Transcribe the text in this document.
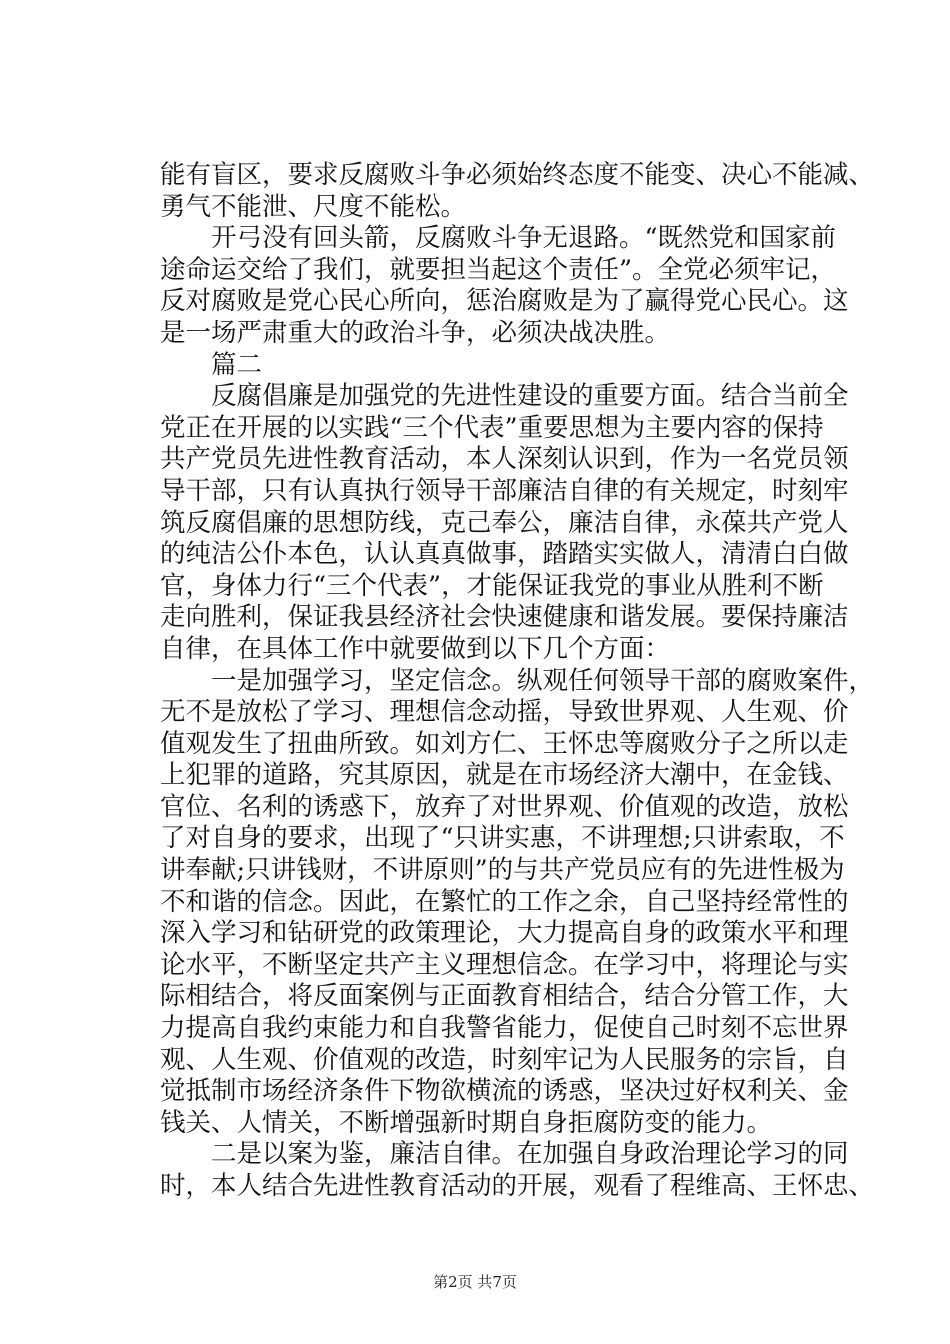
能有盲区，要求反腐败斗争必须始终态度不能变、决心不能减、
勇气不能泄、尺度不能松。
　　开弓没有回头箭，反腐败斗争无退路。“既然党和国家前
途命运交给了我们，就要担当起这个责任”。全党必须牢记，
反对腐败是党心民心所向，惩治腐败是为了赢得党心民心。这
是一场严肃重大的政治斗争，必须决战决胜。
　　篇二
　　反腐倡廉是加强党的先进性建设的重要方面。结合当前全
党正在开展的以实践“三个代表”重要思想为主要内容的保持
共产党员先进性教育活动，本人深刻认识到，作为一名党员领
导干部，只有认真执行领导干部廉洁自律的有关规定，时刻牢
筑反腐倡廉的思想防线，克己奉公，廉洁自律，永葆共产党人
的纯洁公仆本色，认认真真做事，踏踏实实做人，清清白白做
官，身体力行“三个代表”，才能保证我党的事业从胜利不断
走向胜利，保证我县经济社会快速健康和谐发展。要保持廉洁
自律，在具体工作中就要做到以下几个方面：
　　一是加强学习，坚定信念。纵观任何领导干部的腐败案件，
无不是放松了学习、理想信念动摇，导致世界观、人生观、价
值观发生了扭曲所致。如刘方仁、王怀忠等腐败分子之所以走
上犯罪的道路，究其原因，就是在市场经济大潮中，在金钱、
官位、名利的诱惑下，放弃了对世界观、价值观的改造，放松
了对自身的要求，出现了“只讲实惠，不讲理想;只讲索取，不
讲奉献;只讲钱财，不讲原则”的与共产党员应有的先进性极为
不和谐的信念。因此，在繁忙的工作之余，自己坚持经常性的
深入学习和钻研党的政策理论，大力提高自身的政策水平和理
论水平，不断坚定共产主义理想信念。在学习中，将理论与实
际相结合，将反面案例与正面教育相结合，结合分管工作，大
力提高自我约束能力和自我警省能力，促使自己时刻不忘世界
观、人生观、价值观的改造，时刻牢记为人民服务的宗旨，自
觉抵制市场经济条件下物欲横流的诱惑，坚决过好权利关、金
钱关、人情关，不断增强新时期自身拒腐防变的能力。
　　二是以案为鉴，廉洁自律。在加强自身政治理论学习的同
时，本人结合先进性教育活动的开展，观看了程维高、王怀忠、
第2页 共7页
